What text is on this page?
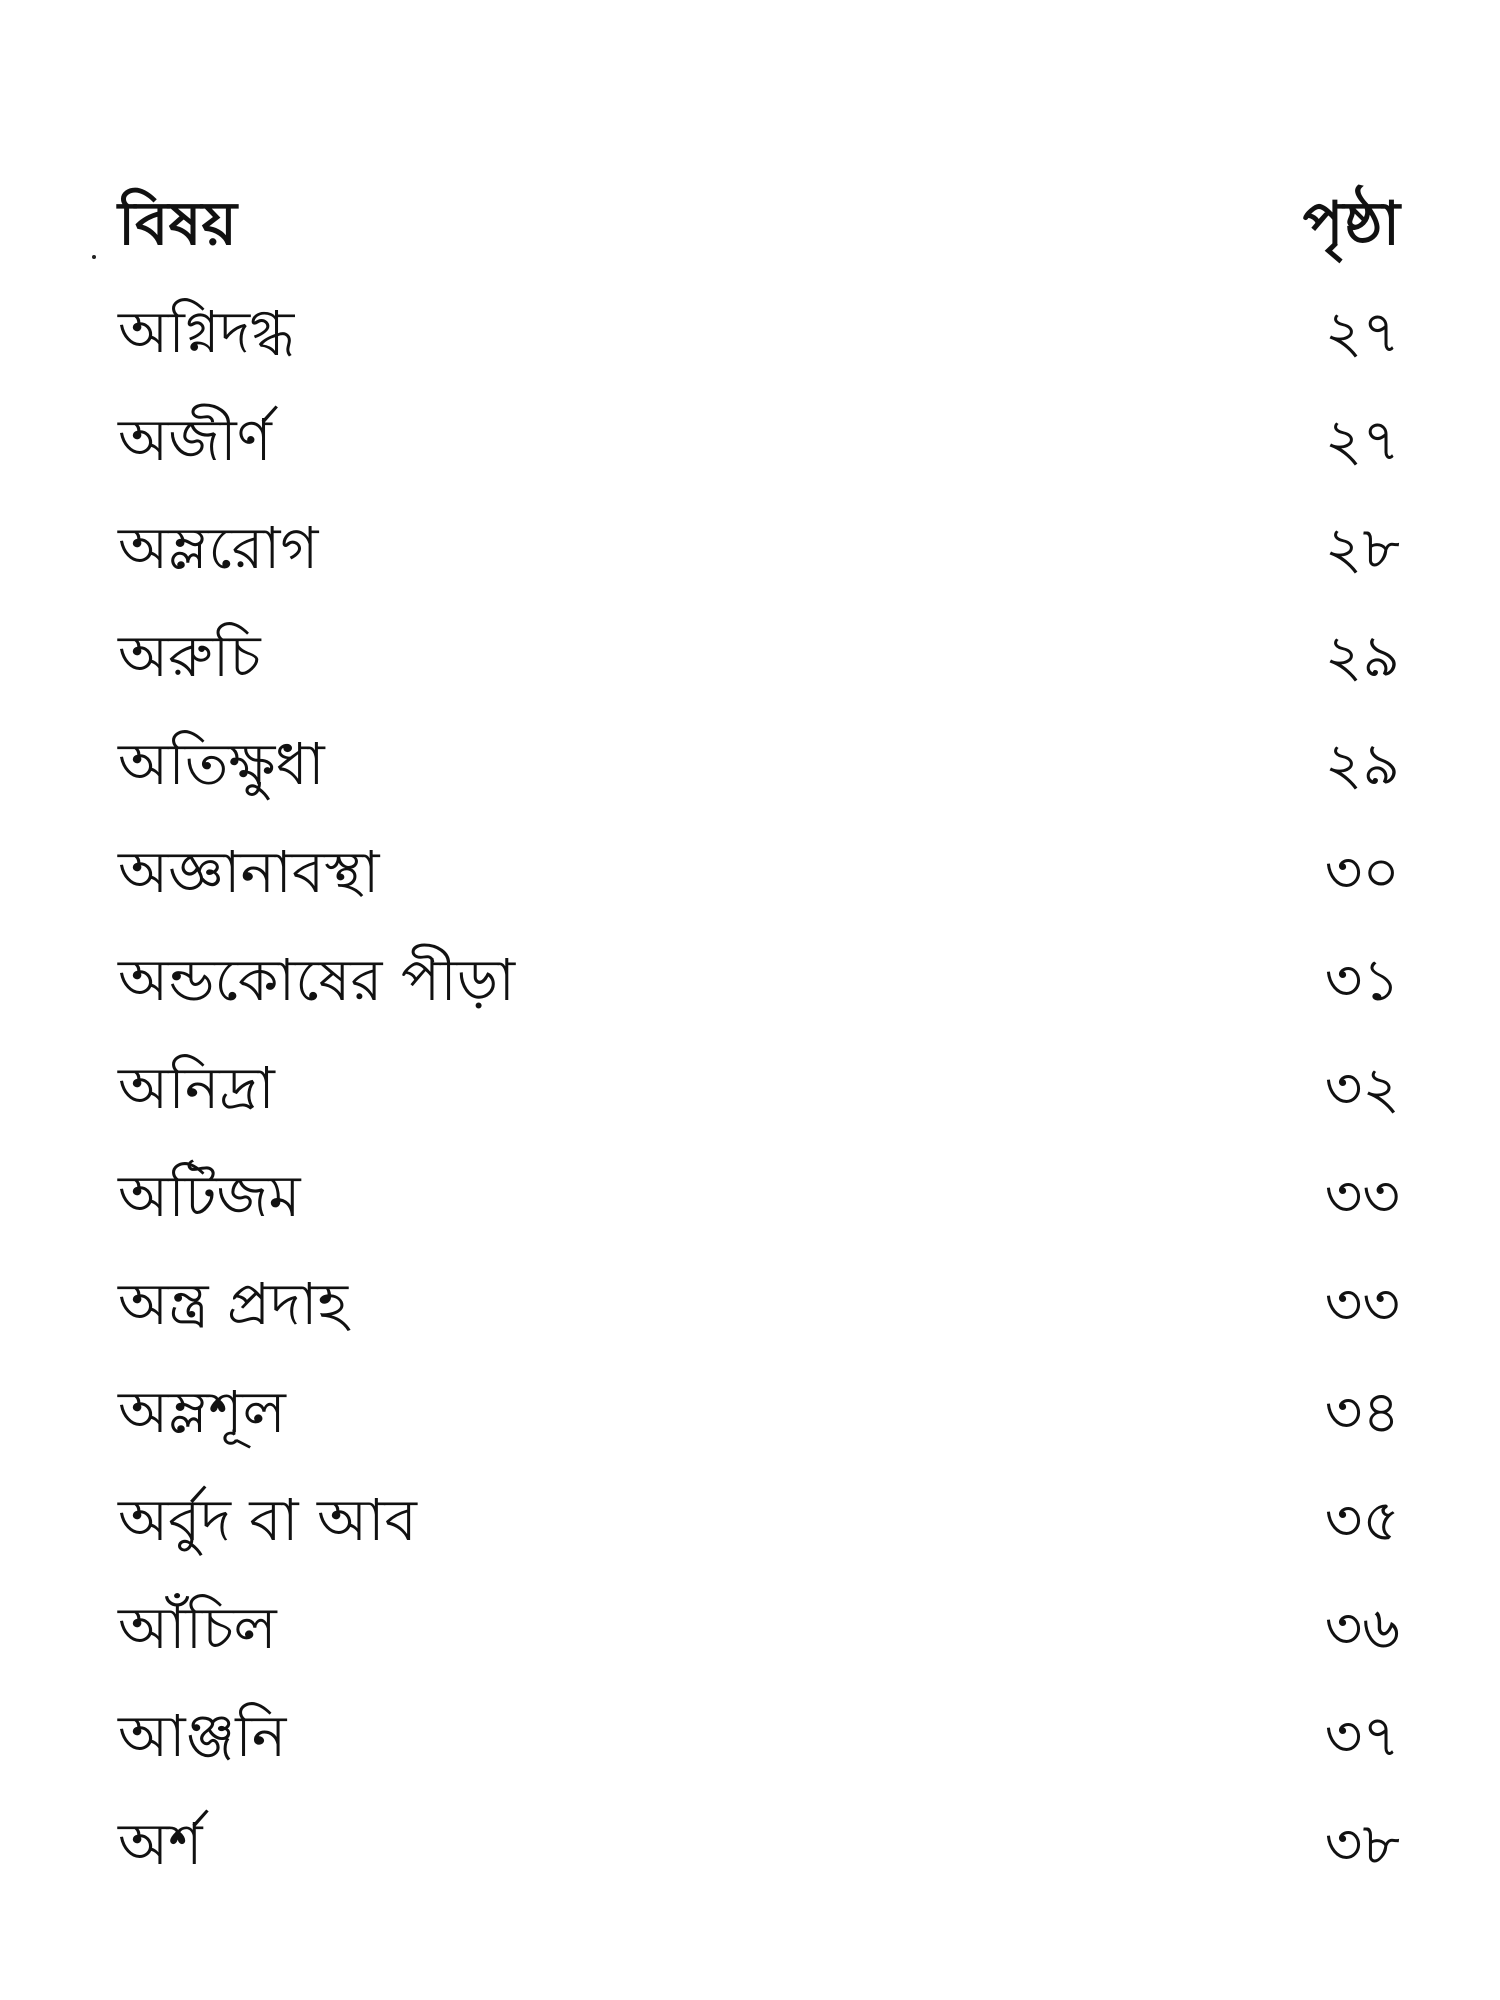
বিষয়	পৃষ্ঠা
অগ্নিদগ্ধ	২৭
অজীর্ণ	২৭
অম্লরোগ	২৮
অরুচি	২৯
অতিক্ষুধা	২৯
অজ্ঞানাবস্থা	৩০
অন্ডকোষের পীড়া	৩১
অনিদ্রা	৩২
অটিজম	৩৩
অন্ত্র প্রদাহ	৩৩
অম্লশূল	৩৪
অর্বুদ বা আব	৩৫
আঁচিল	৩৬
আঞ্জনি	৩৭
অর্শ	৩৮
